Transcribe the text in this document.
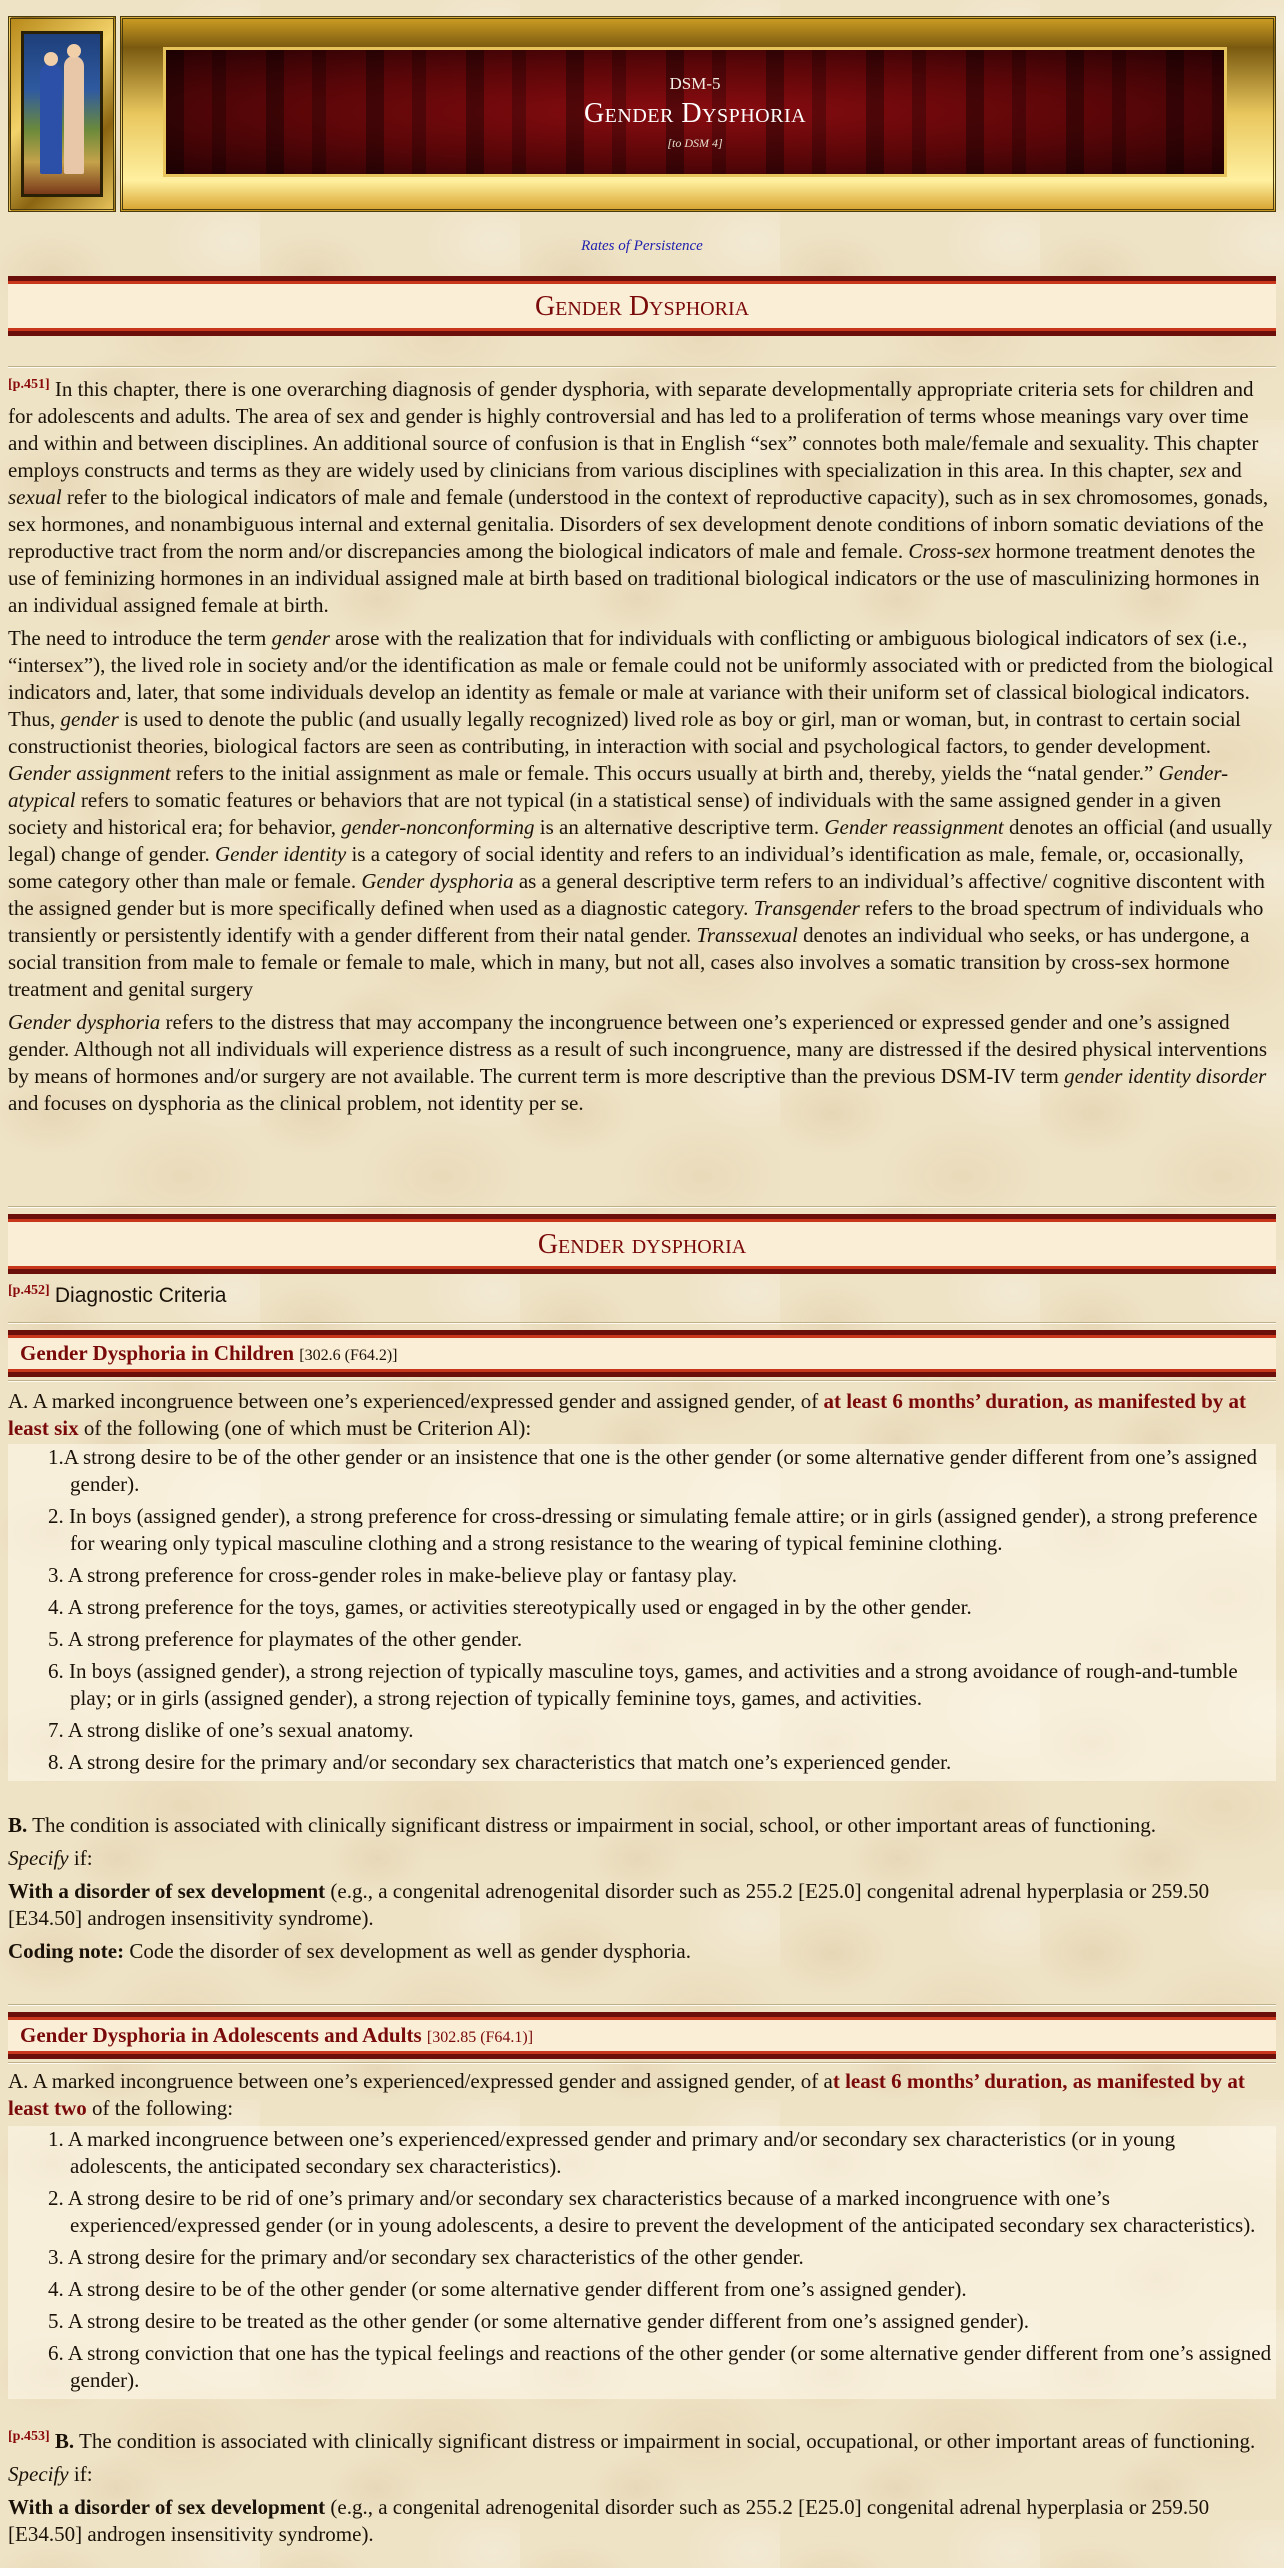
DSM-5
Gender Dysphoria
[to DSM 4]
Rates of Persistence
Gender Dysphoria

[p.451] In this chapter, there is one overarching diagnosis of gender dysphoria, with separate developmentally appropriate criteria sets for children and for adolescents and adults. The area of sex and gender is highly controversial and has led to a proliferation of terms whose meanings vary over time and within and between disciplines. An additional source of confusion is that in English “sex” connotes both male/female and sexuality. This chapter employs constructs and terms as they are widely used by clinicians from various disciplines with specialization in this area. In this chapter, sex and sexual refer to the biological indicators of male and female (understood in the context of reproductive capacity), such as in sex chromosomes, gonads, sex hormones, and nonambiguous internal and external genitalia. Disorders of sex development denote conditions of inborn somatic deviations of the reproductive tract from the norm and/or discrepancies among the biological indicators of male and female. Cross-sex hormone treatment denotes the use of feminizing hormones in an individual assigned male at birth based on traditional biological indicators or the use of masculinizing hormones in an individual assigned female at birth.

The need to introduce the term gender arose with the realization that for individuals with conflicting or ambiguous biological indicators of sex (i.e., “intersex”), the lived role in society and/or the identification as male or female could not be uniformly associated with or predicted from the biological indicators and, later, that some individuals develop an identity as female or male at variance with their uniform set of classical biological indicators. Thus, gender is used to denote the public (and usually legally recognized) lived role as boy or girl, man or woman, but, in contrast to certain social constructionist theories, biological factors are seen as contributing, in interaction with social and psychological factors, to gender development. Gender assignment refers to the initial assignment as male or female. This occurs usually at birth and, thereby, yields the “natal gender.” Gender-atypical refers to somatic features or behaviors that are not typical (in a statistical sense) of individuals with the same assigned gender in a given society and historical era; for behavior, gender-nonconforming is an alternative descriptive term. Gender reassignment denotes an official (and usually legal) change of gender. Gender identity is a category of social identity and refers to an individual’s identification as male, female, or, occasionally, some category other than male or female. Gender dysphoria as a general descriptive term refers to an individual’s affective/ cognitive discontent with the assigned gender but is more specifically defined when used as a diagnostic category. Transgender refers to the broad spectrum of individuals who transiently or persistently identify with a gender different from their natal gender. Transsexual denotes an individual who seeks, or has undergone, a social transition from male to female or female to male, which in many, but not all, cases also involves a somatic transition by cross-sex hormone treatment and genital surgery

Gender dysphoria refers to the distress that may accompany the incongruence between one’s experienced or expressed gender and one’s assigned gender. Although not all individuals will experience distress as a result of such incongruence, many are distressed if the desired physical interventions by means of hormones and/or surgery are not available. The current term is more descriptive than the previous DSM-IV term gender identity disorder and focuses on dysphoria as the clinical problem, not identity per se.

Gender dysphoria
[p.452] Diagnostic Criteria
Gender Dysphoria in Children [302.6 (F64.2)]
A. A marked incongruence between one’s experienced/expressed gender and assigned gender, of at least 6 months’ duration, as manifested by at least six of the following (one of which must be Criterion Al):
1.A strong desire to be of the other gender or an insistence that one is the other gender (or some alternative gender different from one’s assigned gender).
2. In boys (assigned gender), a strong preference for cross-dressing or simulating female attire; or in girls (assigned gender), a strong preference for wearing only typical masculine clothing and a strong resistance to the wearing of typical feminine clothing.
3. A strong preference for cross-gender roles in make-believe play or fantasy play.
4. A strong preference for the toys, games, or activities stereotypically used or engaged in by the other gender.
5. A strong preference for playmates of the other gender.
6. In boys (assigned gender), a strong rejection of typically masculine toys, games, and activities and a strong avoidance of rough-and-tumble play; or in girls (assigned gender), a strong rejection of typically feminine toys, games, and activities.
7. A strong dislike of one’s sexual anatomy.
8. A strong desire for the primary and/or secondary sex characteristics that match one’s experienced gender.

B. The condition is associated with clinically significant distress or impairment in social, school, or other important areas of functioning.

Specify if:

With a disorder of sex development (e.g., a congenital adrenogenital disorder such as 255.2 [E25.0] congenital adrenal hyperplasia or 259.50 [E34.50] androgen insensitivity syndrome).

Coding note: Code the disorder of sex development as well as gender dysphoria.

Gender Dysphoria in Adolescents and Adults [302.85 (F64.1)]
A. A marked incongruence between one’s experienced/expressed gender and assigned gender, of at least 6 months’ duration, as manifested by at least two of the following:
1. A marked incongruence between one’s experienced/expressed gender and primary and/or secondary sex characteristics (or in young adolescents, the anticipated secondary sex characteristics).
2. A strong desire to be rid of one’s primary and/or secondary sex characteristics because of a marked incongruence with one’s experienced/expressed gender (or in young adolescents, a desire to prevent the development of the anticipated secondary sex characteristics).
3. A strong desire for the primary and/or secondary sex characteristics of the other gender.
4. A strong desire to be of the other gender (or some alternative gender different from one’s assigned gender).
5. A strong desire to be treated as the other gender (or some alternative gender different from one’s assigned gender).
6. A strong conviction that one has the typical feelings and reactions of the other gender (or some alternative gender different from one’s assigned gender).

[p.453] B. The condition is associated with clinically significant distress or impairment in social, occupational, or other important areas of functioning.

Specify if:

With a disorder of sex development (e.g., a congenital adrenogenital disorder such as 255.2 [E25.0] congenital adrenal hyperplasia or 259.50 [E34.50] androgen insensitivity syndrome).
